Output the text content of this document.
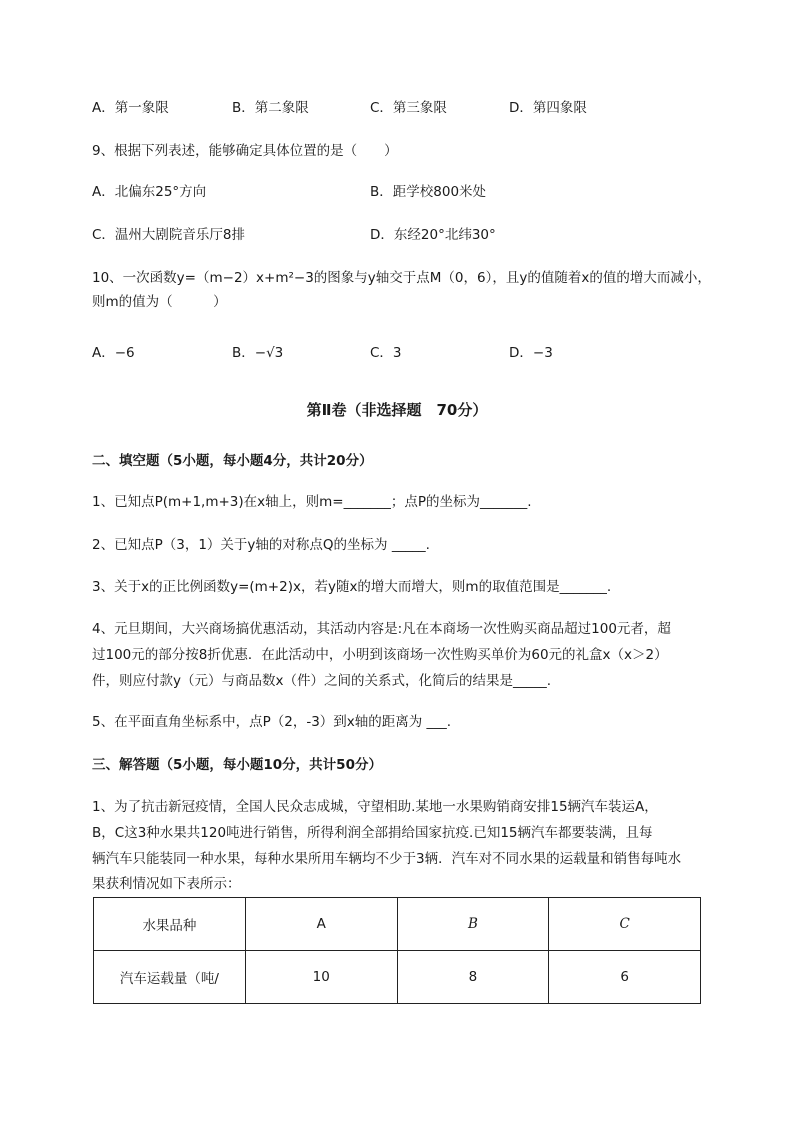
A．第一象限	B．第二象限	C．第三象限	D．第四象限
9、根据下列表述，能够确定具体位置的是（　　）
A．北偏东25°方向	B．距学校800米处
C．温州大剧院音乐厅8排	D．东经20°北纬30°
10、一次函数y=（m−2）x+m²−3的图象与y轴交于点M（0，6），且y的值随着x的值的增大而减小，
则m的值为（　　　）
A．−6	B．−√3	C．3	D．−3
第Ⅱ卷（非选择题　70分）
二、填空题（5小题，每小题4分，共计20分）
1、已知点P(m+1,m+3)在x轴上，则m=_______；点P的坐标为_______.
2、已知点P（3，1）关于y轴的对称点Q的坐标为 _____.
3、关于x的正比例函数y=(m+2)x，若y随x的增大而增大，则m的取值范围是_______.
4、元旦期间，大兴商场搞优惠活动，其活动内容是:凡在本商场一次性购买商品超过100元者，超
过100元的部分按8折优惠．在此活动中，小明到该商场一次性购买单价为60元的礼盒x（x＞2）
件，则应付款y（元）与商品数x（件）之间的关系式，化简后的结果是_____.
5、在平面直角坐标系中，点P（2，-3）到x轴的距离为 ___.
三、解答题（5小题，每小题10分，共计50分）
1、为了抗击新冠疫情，全国人民众志成城，守望相助.某地一水果购销商安排15辆汽车装运A，
B，C这3种水果共120吨进行销售，所得利润全部捐给国家抗疫.已知15辆汽车都要装满，且每
辆汽车只能装同一种水果，每种水果所用车辆均不少于3辆．汽车对不同水果的运载量和销售每吨水
果获利情况如下表所示：
水果品种	A	B	C
汽车运载量（吨/	10	8	6
